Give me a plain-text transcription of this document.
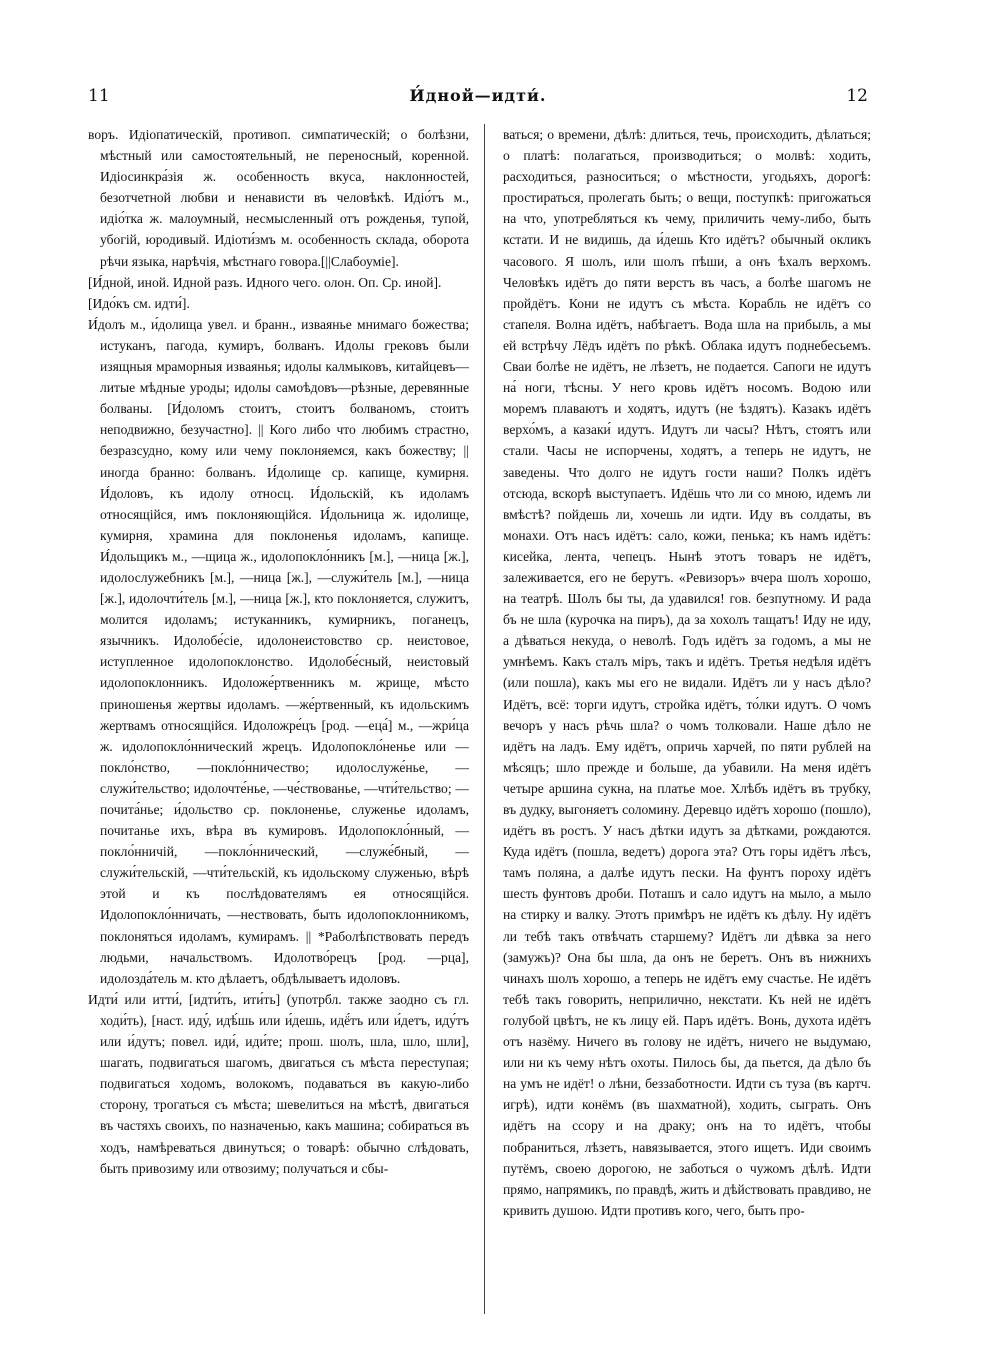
11	И́дной—идти́.	12

воръ. Идіопатическій, противоп. симпатическій; о болѣзни, мѣстный или самостоятельный, не переносный, коренной. Идіосинкра́зія ж. особенность вкуса, наклонностей, безотчетной любви и ненависти въ человѣкѣ. Идіо́тъ м., идіо́тка ж. малоумный, несмысленный отъ рожденья, тупой, убогій, юродивый. Идіоти́змъ м. особенность склада, оборота рѣчи языка, нарѣчія, мѣстнаго говора.[||Слабоумiе].

[И́дной, иной. Идной разъ. Идного чего. олон. Оп. Ср. иной].

[Идо́къ см. идти́].

И́долъ м., и́долища увел. и бранн., изваянье мнимаго божества; истуканъ, пагода, кумиръ, болванъ. Идолы грековъ были изящныя мраморныя изваянья; идолы калмыковъ, китайцевъ—литые мѣдные уроды; идолы самоѣдовъ—рѣзные, деревянные болваны. [И́доломъ стоитъ, стоитъ болваномъ, стоитъ неподвижно, безучастно]. || Кого либо что любимъ страстно, безразсудно, кому или чему поклоняемся, какъ божеству; || иногда бранно: болванъ. И́долище ср. капище, кумирня. И́доловъ, къ идолу относц. И́дольскій, къ идоламъ относящійся, имъ поклоняющійся. И́дольница ж. идолище, кумирня, храмина для поклоненья идоламъ, капище. И́дольщикъ м., —щица ж., идолопокло́нникъ [м.], —ница [ж.], идолослужебникъ [м.], —ница [ж.], —служи́тель [м.], —ница [ж.], идолочти́тель [м.], —ница [ж.], кто поклоняется, служитъ, молится идоламъ; истуканникъ, кумирникъ, поганецъ, язычникъ. Идолобе́сіе, идолонеистовство ср. неистовое, иступленное идолопоклонство. Идолобе́сный, неистовый идолопоклонникъ. Идоложе́ртвенникъ м. жрище, мѣсто приношенья жертвы идоламъ. —же́ртвенный, къ идольскимъ жертвамъ относящійся. Идоложре́цъ [род. —еца́] м., —жри́ца ж. идолопокло́ннический жрецъ. Идолопокло́ненье или —покло́нство, —покло́нничество; идолослуже́нье, —служи́тельство; идолочте́нье, —че́ствованье, —чти́тельство; —почита́нье; и́дольство ср. поклоненье, служенье идоламъ, почитанье ихъ, вѣра въ кумировъ. Идолопокло́нный, —покло́нничій, —покло́ннический, —служе́бный, —служи́тельскій, —чти́тельскій, къ идольскому служенью, вѣрѣ этой и къ послѣдователямъ ея относящійся. Идолопокло́нничать, —нествовать, быть идолопоклонникомъ, поклоняться идоламъ, кумирамъ. || *Раболѣпствовать передъ людьми, начальствомъ. Идолотво́рецъ [род. —рца], идолозда́тель м. кто дѣлаетъ, обдѣлываетъ идоловъ.

Идти́ или итти́, [идти́ть, ити́ть] (употрбл. также заодно съ гл. ходи́ть), [наст. иду́, идѣ́шь или и́дешь, идё́тъ или и́детъ, иду́тъ или и́дутъ; повел. иди́, иди́те; прош. шолъ, шла, шло, шли], шагать, подвигаться шагомъ, двигаться съ мѣста переступая; подвигаться ходомъ, волокомъ, подаваться въ какую-либо сторону, трогаться съ мѣста; шевелиться на мѣстѣ, двигаться въ частяхъ своихъ, по назначенью, какъ машина; собираться въ ходъ, намѣреваться двинуться; о товарѣ: обычно слѣдовать, быть привозиму или отвозиму; получаться и сбы-

ваться; о времени, дѣлѣ: длиться, течь, происходить, дѣлаться; о платѣ: полагаться, производиться; о молвѣ: ходить, расходиться, разноситься; о мѣстности, угодьяхъ, дорогѣ: простираться, пролегать быть; о вещи, поступкѣ: пригожаться на что, употребляться къ чему, приличить чему-либо, быть кстати. И не видишь, да и́дешь Кто идётъ? обычный окликъ часового. Я шолъ, или шолъ пѣши, а онъ ѣхалъ верхомъ. Человѣкъ идётъ до пяти верстъ въ часъ, а болѣе шагомъ не пройдётъ. Кони не идутъ съ мѣста. Корабль не идётъ со стапеля. Волна идётъ, набѣгаетъ. Вода шла на прибыль, а мы ей встрѣчу Лёдъ идётъ по рѣкѣ. Облака идутъ поднебесьемъ. Сваи болѣе не идётъ, не лѣзетъ, не подается. Сапоги не идутъ на́ ноги, тѣсны. У него кровь идётъ носомъ. Водою или моремъ плаваютъ и ходятъ, идутъ (не ѣздятъ). Казакъ идётъ верхо́мъ, а казаки́ идутъ. Идутъ ли часы? Нѣтъ, стоятъ или стали. Часы не испорчены, ходятъ, а теперь не идутъ, не заведены. Что долго не идутъ гости наши? Полкъ идётъ отсюда, вскорѣ выступаетъ. Идёшь что ли со мною, идемъ ли вмѣстѣ? пойдешь ли, хочешь ли идти. Иду въ солдаты, въ монахи. Отъ насъ идётъ: сало, кожи, пенька; къ намъ идётъ: кисейка, лента, чепецъ. Нынѣ этотъ товаръ не идётъ, залеживается, его не берутъ. «Ревизоръ» вчера шолъ хорошо, на театрѣ. Шолъ бы ты, да удавился! гов. безпутному. И рада бъ не шла (курочка на пиръ), да за хохолъ тащатъ! Иду не иду, а дѣваться некуда, о неволѣ. Годъ идётъ за годомъ, а мы не умнѣемъ. Какъ сталъ міръ, такъ и идётъ. Третья недѣля идётъ (или пошла), какъ мы его не видали. Идётъ ли у насъ дѣло? Идётъ, всё: торги идутъ, стройка идётъ, то́лки идутъ. О чомъ вечоръ у насъ рѣчь шла? о чомъ толковали. Наше дѣло не идётъ на ладъ. Ему идётъ, опричь харчей, по пяти рублей на мѣсяцъ; шло прежде и больше, да убавили. На меня идётъ четыре аршина сукна, на платье мое. Хлѣбъ идётъ въ трубку, въ дудку, выгоняетъ соломину. Деревцо идётъ хорошо (пошло), идётъ въ ростъ. У насъ дѣтки идутъ за дѣтками, рождаются. Куда идётъ (пошла, ведетъ) дорога эта? Отъ горы идётъ лѣсъ, тамъ поляна, а далѣе идутъ пески. На фунтъ пороху идётъ шесть фунтовъ дроби. Поташъ и сало идутъ на мыло, а мыло на стирку и валку. Этотъ примѣръ не идётъ къ дѣлу. Ну идётъ ли тебѣ такъ отвѣчать старшему? Идётъ ли дѣвка за него (замужъ)? Она бы шла, да онъ не беретъ. Онъ въ нижнихъ чинахъ шолъ хорошо, а теперь не идётъ ему счастье. Не идётъ тебѣ такъ говорить, неприлично, некстати. Къ ней не идётъ голубой цвѣтъ, не къ лицу ей. Паръ идётъ. Вонь, духота идётъ отъ назёму. Ничего въ голову не идётъ, ничего не выдумаю, или ни къ чему нѣтъ охоты. Пилось бы, да пьется, да дѣло бъ на умъ не идёт! о лѣни, беззаботности. Идти съ туза (въ картч. игрѣ), идти конёмъ (въ шахматной), ходить, сыграть. Онъ идётъ на ссору и на драку; онъ на то идётъ, чтобы побраниться, лѣзетъ, навязывается, этого ищетъ. Иди своимъ путёмъ, своею дорогою, не заботься о чужомъ дѣлѣ. Идти прямо, напрямикъ, по правдѣ, жить и дѣйствовать правдиво, не кривить душою. Идти противъ кого, чего, быть про-
